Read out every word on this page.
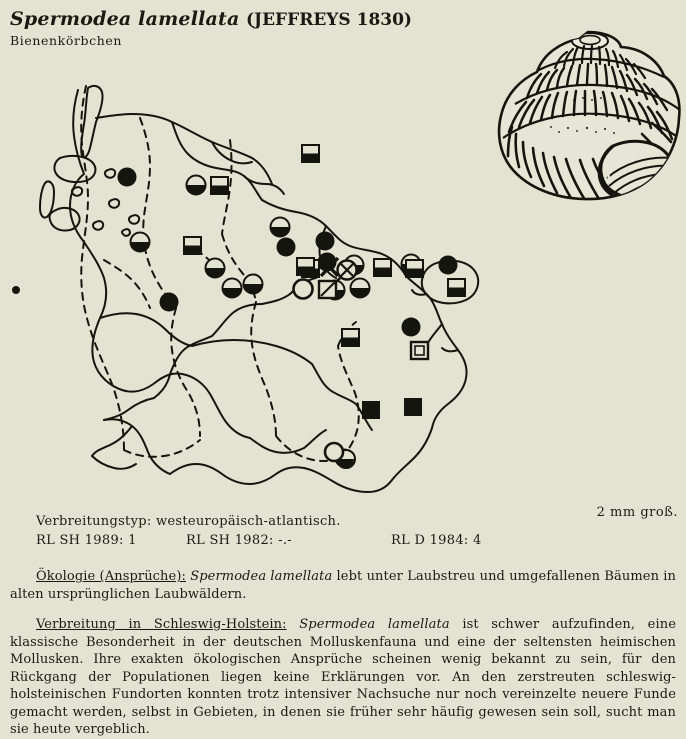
Spermodea lamellata (JEFFREYS 1830)
Bienenkörbchen
2 mm groß.
Verbreitungstyp: westeuropäisch-atlantisch.
RL SH 1989: 1	RL SH 1982: -.-	RL D 1984: 4
Ökologie (Ansprüche): Spermodea lamellata lebt unter Laubstreu und umgefallenen Bäumen in alten ursprünglichen Laubwäldern.
Verbreitung in Schleswig-Holstein: Spermodea lamellata ist schwer aufzufinden, eine klassische Besonderheit in der deutschen Molluskenfauna und eine der seltensten heimischen Mollusken. Ihre exakten ökologischen Ansprüche scheinen wenig bekannt zu sein, für den Rückgang der Populationen liegen keine Erklärungen vor. An den zerstreuten schleswig-holsteinischen Fundorten konnten trotz intensiver Nachsuche nur noch vereinzelte neuere Funde gemacht werden, selbst in Gebieten, in denen sie früher sehr häufig gewesen sein soll, sucht man sie heute vergeblich.
